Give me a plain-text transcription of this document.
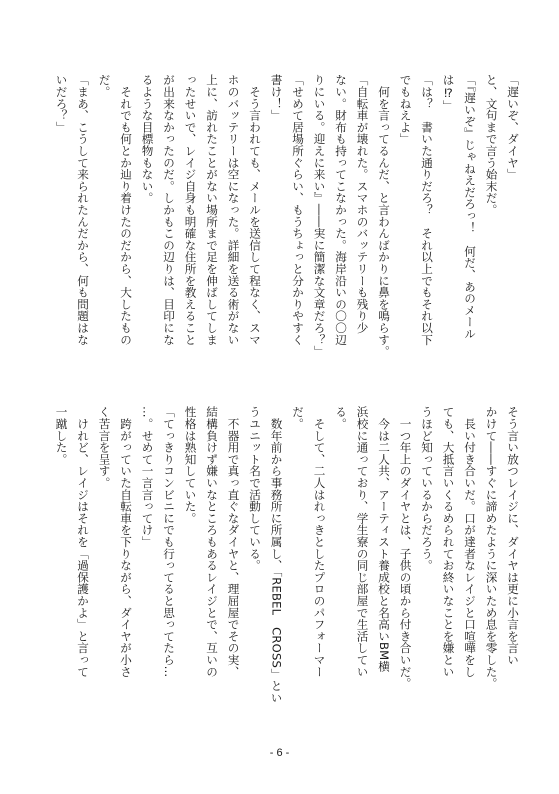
「遅いぞ、ダイヤ」
と、文句まで言う始末だ。
「『遅いぞ』じゃねえだろっ！　何だ、あのメール
は⁉」
「は？　書いた通りだろ？　それ以上でもそれ以下
でもねえよ」
　何を言ってるんだ、と言わんばかりに鼻を鳴らす。
「自転車が壊れた。スマホのバッテリーも残り少
ない。財布も持ってこなかった。海岸沿いの〇〇辺
りにいる。迎えに来い』――実に簡潔な文章だろ？」
「せめて居場所ぐらい、もうちょっと分かりやすく
書け！」
　そう言われても、メールを送信して程なく、スマ
ホのバッテリーは空になった。詳細を送る術がない
上に、訪れたことがない場所まで足を伸ばしてしま
ったせいで、レイジ自身も明確な住所を教えること
が出来なかったのだ。しかもこの辺りは、目印にな
るような目標物もない。
　それでも何とか辿り着けたのだから、大したもの
だ。
「まあ、こうして来られたんだから、何も問題はな
いだろ？」
そう言い放つレイジに、ダイヤは更に小言を言い
かけて――すぐに諦めたように深いため息を零した。
　長い付き合いだ。口が達者なレイジと口喧嘩をし
ても、大抵言いくるめられてお終いなことを嫌とい
うほど知っているからだろう。
　一つ年上のダイヤとは、子供の頃から付き合いだ。
　今は二人共、アーティスト養成校と名高いBM横
浜校に通っており、学生寮の同じ部屋で生活してい
る。
　そして、二人はれっきとしたプロのパフォーマー
だ。
　数年前から事務所に所属し、「REBEL　CROSS」とい
うユニット名で活動している。
　不器用で真っ直ぐなダイヤと、理屈屋でその実、
結構負けず嫌いなところもあるレイジとで、互いの
性格は熟知していた。
「てっきりコンビニにでも行ってると思ってたら…
…。せめて一言言ってけ」
　跨がっていた自転車を下りながら、ダイヤが小さ
く苦言を呈す。
　けれど、レイジはそれを「過保護かよ」と言って
一蹴した。
- 6 -
